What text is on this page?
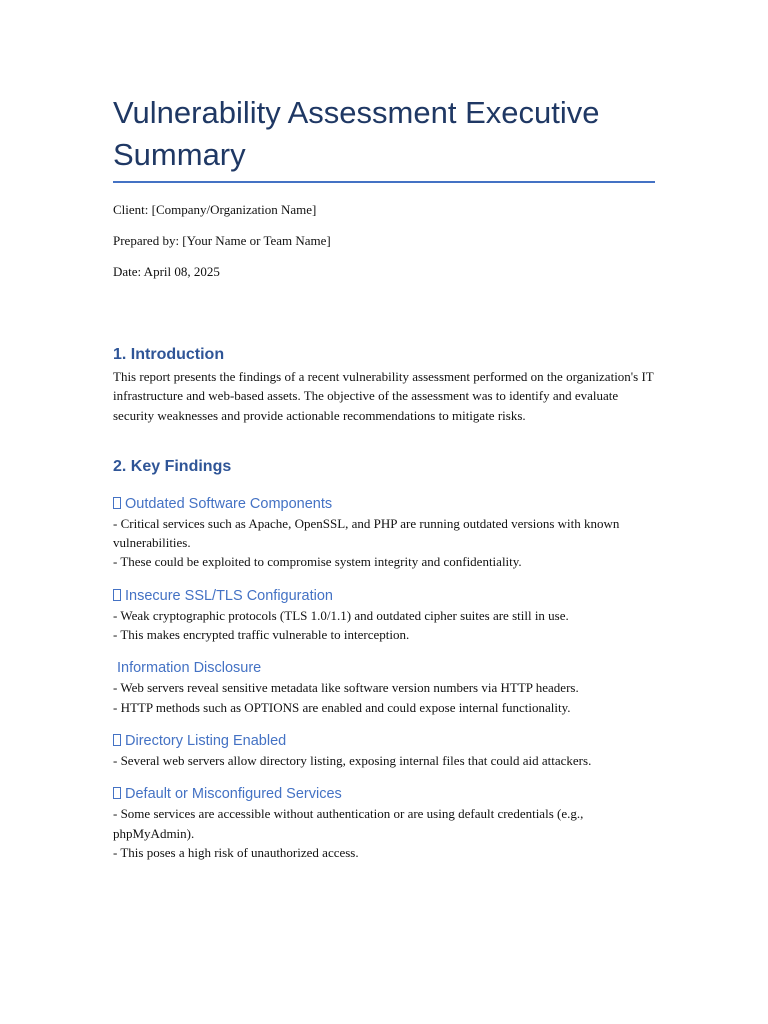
Vulnerability Assessment Executive Summary

Client: [Company/Organization Name]

Prepared by: [Your Name or Team Name]

Date: April 08, 2025

1. Introduction

This report presents the findings of a recent vulnerability assessment performed on the organization's IT infrastructure and web-based assets. The objective of the assessment was to identify and evaluate security weaknesses and provide actionable recommendations to mitigate risks.

2. Key Findings
Outdated Software Components

- Critical services such as Apache, OpenSSL, and PHP are running outdated versions with known vulnerabilities.

- These could be exploited to compromise system integrity and confidentiality.

Insecure SSL/TLS Configuration

- Weak cryptographic protocols (TLS 1.0/1.1) and outdated cipher suites are still in use.

- This makes encrypted traffic vulnerable to interception.

Information Disclosure

- Web servers reveal sensitive metadata like software version numbers via HTTP headers.

- HTTP methods such as OPTIONS are enabled and could expose internal functionality.

Directory Listing Enabled

- Several web servers allow directory listing, exposing internal files that could aid attackers.

Default or Misconfigured Services

- Some services are accessible without authentication or are using default credentials (e.g., phpMyAdmin).

- This poses a high risk of unauthorized access.
